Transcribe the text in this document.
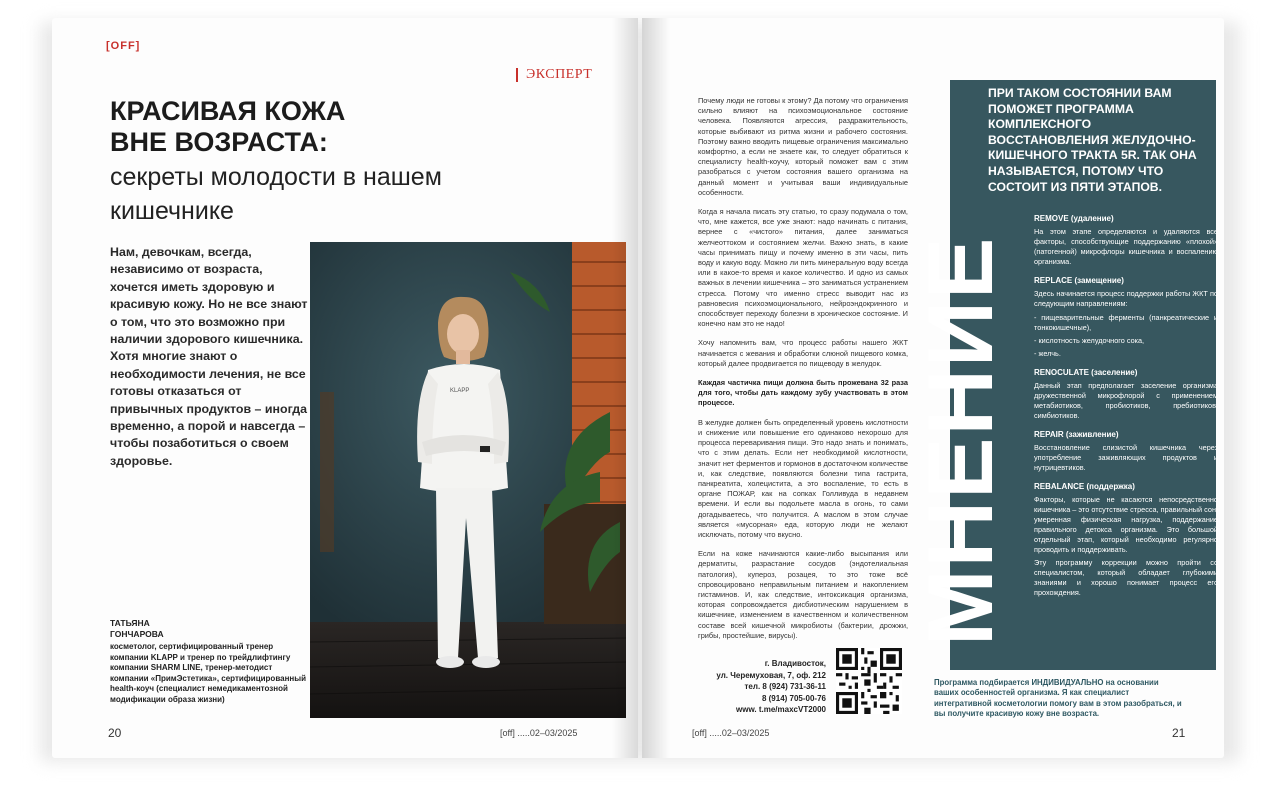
[OFF]
ЭКСПЕРТ
КРАСИВАЯ КОЖА
ВНЕ ВОЗРАСТА:
секреты молодости в нашем
кишечнике
Нам, девочкам, всегда, независимо от возраста, хочется иметь здоровую и красивую кожу. Но не все знают о том, что это возможно при наличии здорового кишечника. Хотя многие знают о необходимости лечения, не все готовы отказаться от привычных продуктов – иногда временно, а порой и навсегда – чтобы позаботиться о своем здоровье.
KLAPP
ТАТЬЯНА
ГОНЧАРОВА
косметолог, сертифицированный тренер компании KLAPP и тренер по трейдлифтингу компании SHARM LINE, тренер-методист компании «ПримЭстетика», сертифицированный health-коуч (специалист немедикаментозной модификации образа жизни)
20	[off] .....02–03/2025

Почему люди не готовы к этому? Да потому что ограничения сильно влияют на психоэмоциональное состояние человека. Появляются агрессия, раздражительность, которые выбивают из ритма жизни и рабочего состояния. Поэтому важно вводить пищевые ограничения максимально комфортно, а если не знаете как, то следует обратиться к специалисту health-коучу, который поможет вам с этим разобраться с учетом состояния вашего организма на данный момент и учитывая ваши индивидуальные особенности.

Когда я начала писать эту статью, то сразу подумала о том, что, мне кажется, все уже знают: надо начинать с питания, вернее с «чистого» питания, далее заниматься желчеоттоком и состоянием желчи. Важно знать, в какие часы принимать пищу и почему именно в эти часы, пить воду и какую воду. Можно ли пить минеральную воду всегда или в какое-то время и какое количество. И одно из самых важных в лечении кишечника – это заниматься устранением стресса. Потому что именно стресс выводит нас из равновесия психоэмоционального, нейроэндокринного и способствует переходу болезни в хроническое состояние. И конечно нам это не надо!

Хочу напомнить вам, что процесс работы нашего ЖКТ начинается с жевания и обработки слюной пищевого комка, который далее продвигается по пищеводу в желудок.

Каждая частичка пищи должна быть прожевана 32 раза для того, чтобы дать каждому зубу участвовать в этом процессе.

В желудке должен быть определенный уровень кислотности и снижение или повышение его одинаково нехорошо для процесса переваривания пищи. Это надо знать и понимать, что с этим делать. Если нет необходимой кислотности, значит нет ферментов и гормонов в достаточном количестве и, как следствие, появляются болезни типа гастрита, панкреатита, холецистита, а это воспаление, то есть в органе ПОЖАР, как на сопках Голливуда в недавнем времени. И если вы подольете масла в огонь, то сами догадываетесь, что получится. А маслом в этом случае является «мусорная» еда, которую люди не желают исключать, потому что вкусно.

Если на коже начинаются какие-либо высыпания или дерматиты, разрастание сосудов (эндотелиальная патология), купероз, розацея, то это тоже всё спровоцировано неправильным питанием и накоплением гистаминов. И, как следствие, интоксикация организма, которая сопровождается дисбиотическим нарушением в кишечнике, изменением в качественном и количественном составе всей кишечной микробиоты (бактерии, дрожжи, грибы, простейшие, вирусы).

г. Владивосток,
ул. Черемуховая, 7, оф. 212
тел. 8 (924) 731-36-11
8 (914) 705-00-76
www. t.me/maxcVT2000
ПРИ ТАКОМ СОСТОЯНИИ ВАМ ПОМОЖЕТ ПРОГРАММА КОМПЛЕКСНОГО ВОССТАНОВЛЕНИЯ ЖЕЛУДОЧНО-КИШЕЧНОГО ТРАКТА 5R. ТАК ОНА НАЗЫВАЕТСЯ, ПОТОМУ ЧТО СОСТОИТ ИЗ ПЯТИ ЭТАПОВ.
МНЕНИЕ
REMOVE (удаление)
На этом этапе определяются и удаляются все факторы, способствующие поддержанию «плохой» (патогенной) микрофлоры кишечника и воспалению организма.
REPLACE (замещение)
Здесь начинается процесс поддержки работы ЖКТ по следующим направлениям:
- пищеварительные ферменты (панкреатические и тонкокишечные),
- кислотность желудочного сока,
- желчь.
RENOCULATE (заселение)
Данный этап предполагает заселение организма дружественной микрофлорой с применением метабиотиков, пробиотиков, пребиотиков, симбиотиков.
REPAIR (заживление)
Восстановление слизистой кишечника через употребление заживляющих продуктов и нутрицевтиков.
REBALANCE (поддержка)
Факторы, которые не касаются непосредственно кишечника – это отсутствие стресса, правильный сон, умеренная физическая нагрузка, поддержание правильного детокса организма. Это большой отдельный этап, который необходимо регулярно проводить и поддерживать.
Эту программу коррекции можно пройти со специалистом, который обладает глубокими знаниями и хорошо понимает процесс его прохождения.
Программа подбирается ИНДИВИДУАЛЬНО на основании ваших особенностей организма. Я как специалист интегративной косметологии помогу вам в этом разобраться, и вы получите красивую кожу вне возраста.
[off] .....02–03/2025	21
